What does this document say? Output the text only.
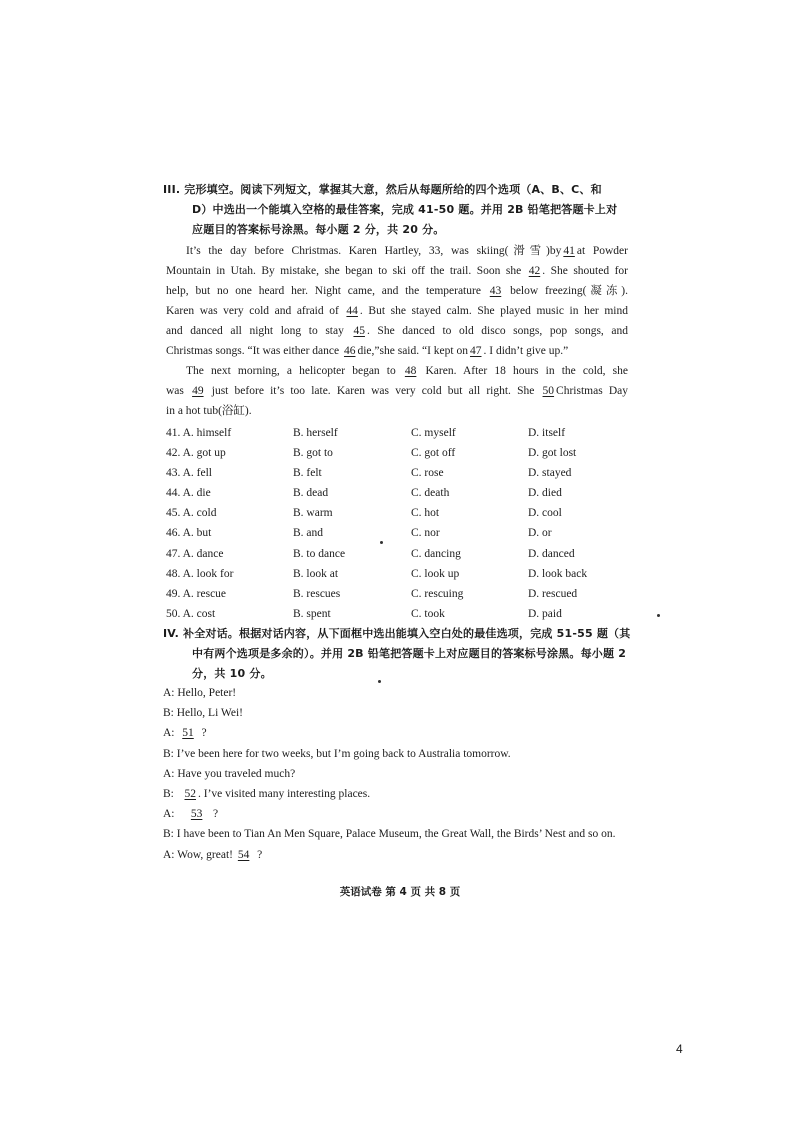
III. 完形填空。阅读下列短文，掌握其大意，然后从每题所给的四个选项（A、B、C、和
D）中选出一个能填入空格的最佳答案，完成 41-50 题。并用 2B 铅笔把答题卡上对
应题目的答案标号涂黑。每小题 2 分，共 20 分。
It’s the day before Christmas. Karen Hartley, 33, was skiing(滑雪)by 41 at Powder
Mountain in Utah. By mistake, she began to ski off the trail. Soon she 42 . She shouted for
help, but no one heard her. Night came, and the temperature 43 below freezing(凝冻).
Karen was very cold and afraid of 44 . But she stayed calm. She played music in her mind
and danced all night long to stay 45 . She danced to old disco songs, pop songs, and
Christmas songs. “It was either dance 46 die,”she said. “I kept on 47 . I didn’t give up.”
The next morning, a helicopter began to 48 Karen. After 18 hours in the cold, she
was 49 just before it’s too late. Karen was very cold but all right. She 50 Christmas Day
in a hot tub(浴缸).
41. A. himself	B. herself	C. myself	D. itself
42. A. got up	B. got to	C. got off	D. got lost
43. A. fell	B. felt	C. rose	D. stayed
44. A. die	B. dead	C. death	D. died
45. A. cold	B. warm	C. hot	D. cool
46. A. but	B. and	C. nor	D. or
47. A. dance	B. to dance	C. dancing	D. danced
48. A. look for	B. look at	C. look up	D. look back
49. A. rescue	B. rescues	C. rescuing	D. rescued
50. A. cost	B. spent	C. took	D. paid
IV. 补全对话。根据对话内容，从下面框中选出能填入空白处的最佳选项，完成 51-55 题（其
中有两个选项是多余的）。并用 2B 铅笔把答题卡上对应题目的答案标号涂黑。每小题 2
分，共 10 分。
A: Hello, Peter!
B: Hello, Li Wei!
A: 51 ?
B: I’ve been here for two weeks, but I’m going back to Australia tomorrow.
A: Have you traveled much?
B: 52 . I’ve visited many interesting places.
A: 53 ?
B: I have been to Tian An Men Square, Palace Museum, the Great Wall, the Birds’ Nest and so on.
A: Wow, great! 54 ?
英语试卷 第 4 页 共 8 页
4
